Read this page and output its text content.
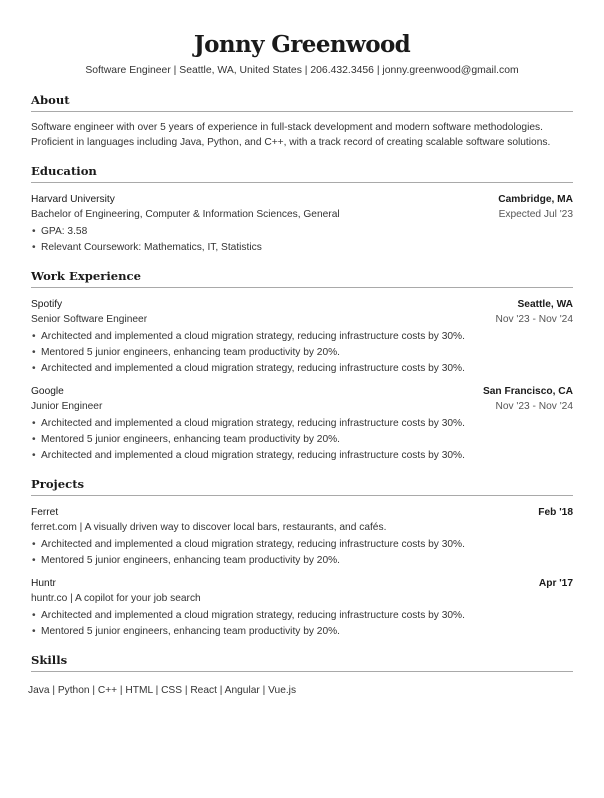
Jonny Greenwood
Software Engineer | Seattle, WA, United States | 206.432.3456 | jonny.greenwood@gmail.com
About
Software engineer with over 5 years of experience in full-stack development and modern software methodologies. Proficient in languages including Java, Python, and C++, with a track record of creating scalable software solutions.
Education
Harvard University	Cambridge, MA
Bachelor of Engineering, Computer & Information Sciences, General	Expected Jul '23
• GPA: 3.58
• Relevant Coursework: Mathematics, IT, Statistics
Work Experience
Spotify	Seattle, WA
Senior Software Engineer	Nov '23 - Nov '24
• Architected and implemented a cloud migration strategy, reducing infrastructure costs by 30%.
• Mentored 5 junior engineers, enhancing team productivity by 20%.
• Architected and implemented a cloud migration strategy, reducing infrastructure costs by 30%.
Google	San Francisco, CA
Junior Engineer	Nov '23 - Nov '24
• Architected and implemented a cloud migration strategy, reducing infrastructure costs by 30%.
• Mentored 5 junior engineers, enhancing team productivity by 20%.
• Architected and implemented a cloud migration strategy, reducing infrastructure costs by 30%.
Projects
Ferret	Feb '18
ferret.com | A visually driven way to discover local bars, restaurants, and cafés.
• Architected and implemented a cloud migration strategy, reducing infrastructure costs by 30%.
• Mentored 5 junior engineers, enhancing team productivity by 20%.
Huntr	Apr '17
huntr.co | A copilot for your job search
• Architected and implemented a cloud migration strategy, reducing infrastructure costs by 30%.
• Mentored 5 junior engineers, enhancing team productivity by 20%.
Skills
Java | Python | C++ | HTML | CSS | React | Angular | Vue.js
